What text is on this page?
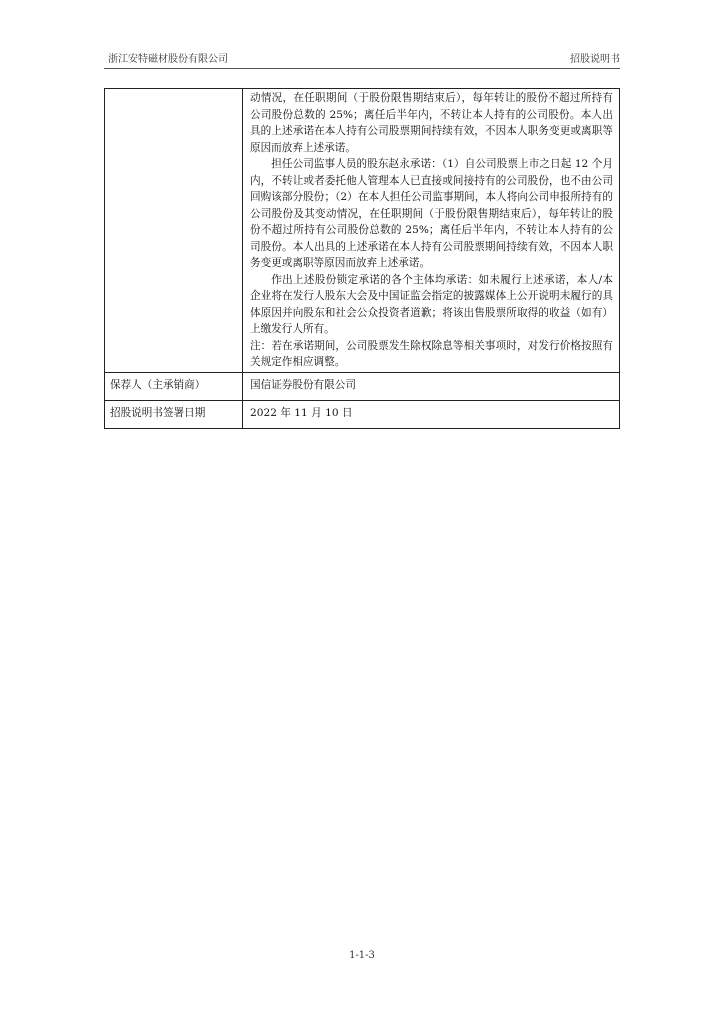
浙江安特磁材股份有限公司	招股说明书

	动情况，在任职期间（于股份限售期结束后），每年转让的股份不超过所持有公司股份总数的 25%；离任后半年内，不转让本人持有的公司股份。本人出具的上述承诺在本人持有公司股票期间持续有效，不因本人职务变更或离职等原因而放弃上述承诺。

担任公司监事人员的股东赵永承诺：（1）自公司股票上市之日起 12 个月内，不转让或者委托他人管理本人已直接或间接持有的公司股份，也不由公司回购该部分股份；（2）在本人担任公司监事期间，本人将向公司申报所持有的公司股份及其变动情况，在任职期间（于股份限售期结束后），每年转让的股份不超过所持有公司股份总数的 25%；离任后半年内，不转让本人持有的公司股份。本人出具的上述承诺在本人持有公司股票期间持续有效，不因本人职务变更或离职等原因而放弃上述承诺。

作出上述股份锁定承诺的各个主体均承诺：如未履行上述承诺，本人/本企业将在发行人股东大会及中国证监会指定的披露媒体上公开说明未履行的具体原因并向股东和社会公众投资者道歉；将该出售股票所取得的收益（如有）上缴发行人所有。

注：若在承诺期间，公司股票发生除权除息等相关事项时，对发行价格按照有关规定作相应调整。

保荐人（主承销商）	国信证券股份有限公司
招股说明书签署日期	2022 年 11 月 10 日
1-1-3
